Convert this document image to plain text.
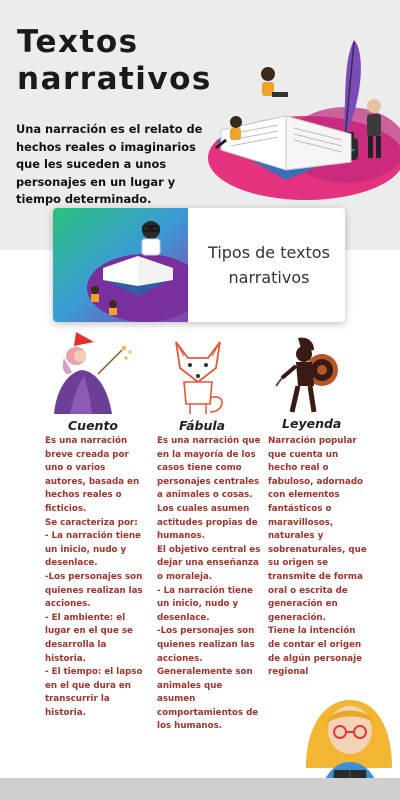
Textos
narrativos

Una narración es el relato de hechos reales o imaginarios que les suceden a unos personajes en un lugar y tiempo determinado.

Tipos de textos narrativos
Cuento
Es una narración breve creada por uno o varios autores, basada en hechos reales o ficticios.
Se caracteriza por:
- La narración tiene un inicio, nudo y desenlace.
-Los personajes son quienes realizan las acciones.
- El ambiente: el lugar en el que se desarrolla la historia.
- El tiempo: el lapso en el que dura en transcurrir la historia.
Fábula
Es una narración que en la mayoría de los casos tiene como personajes centrales a animales o cosas. Los cuales asumen actitudes propias de humanos.
El objetivo central es dejar una enseñanza o moraleja.
- La narración tiene un inicio, nudo y desenlace.
-Los personajes son quienes realizan las acciones.
Generalemente son animales que asumen comportamientos de los humanos.
Leyenda
Narración popular que cuenta un hecho real o fabuloso, adornado con elementos fantásticos o maravillosos, naturales y sobrenaturales, que su origen se transmite de forma oral o escrita de generación en generación.
Tiene la intención de contar el origen de algún personaje regional
